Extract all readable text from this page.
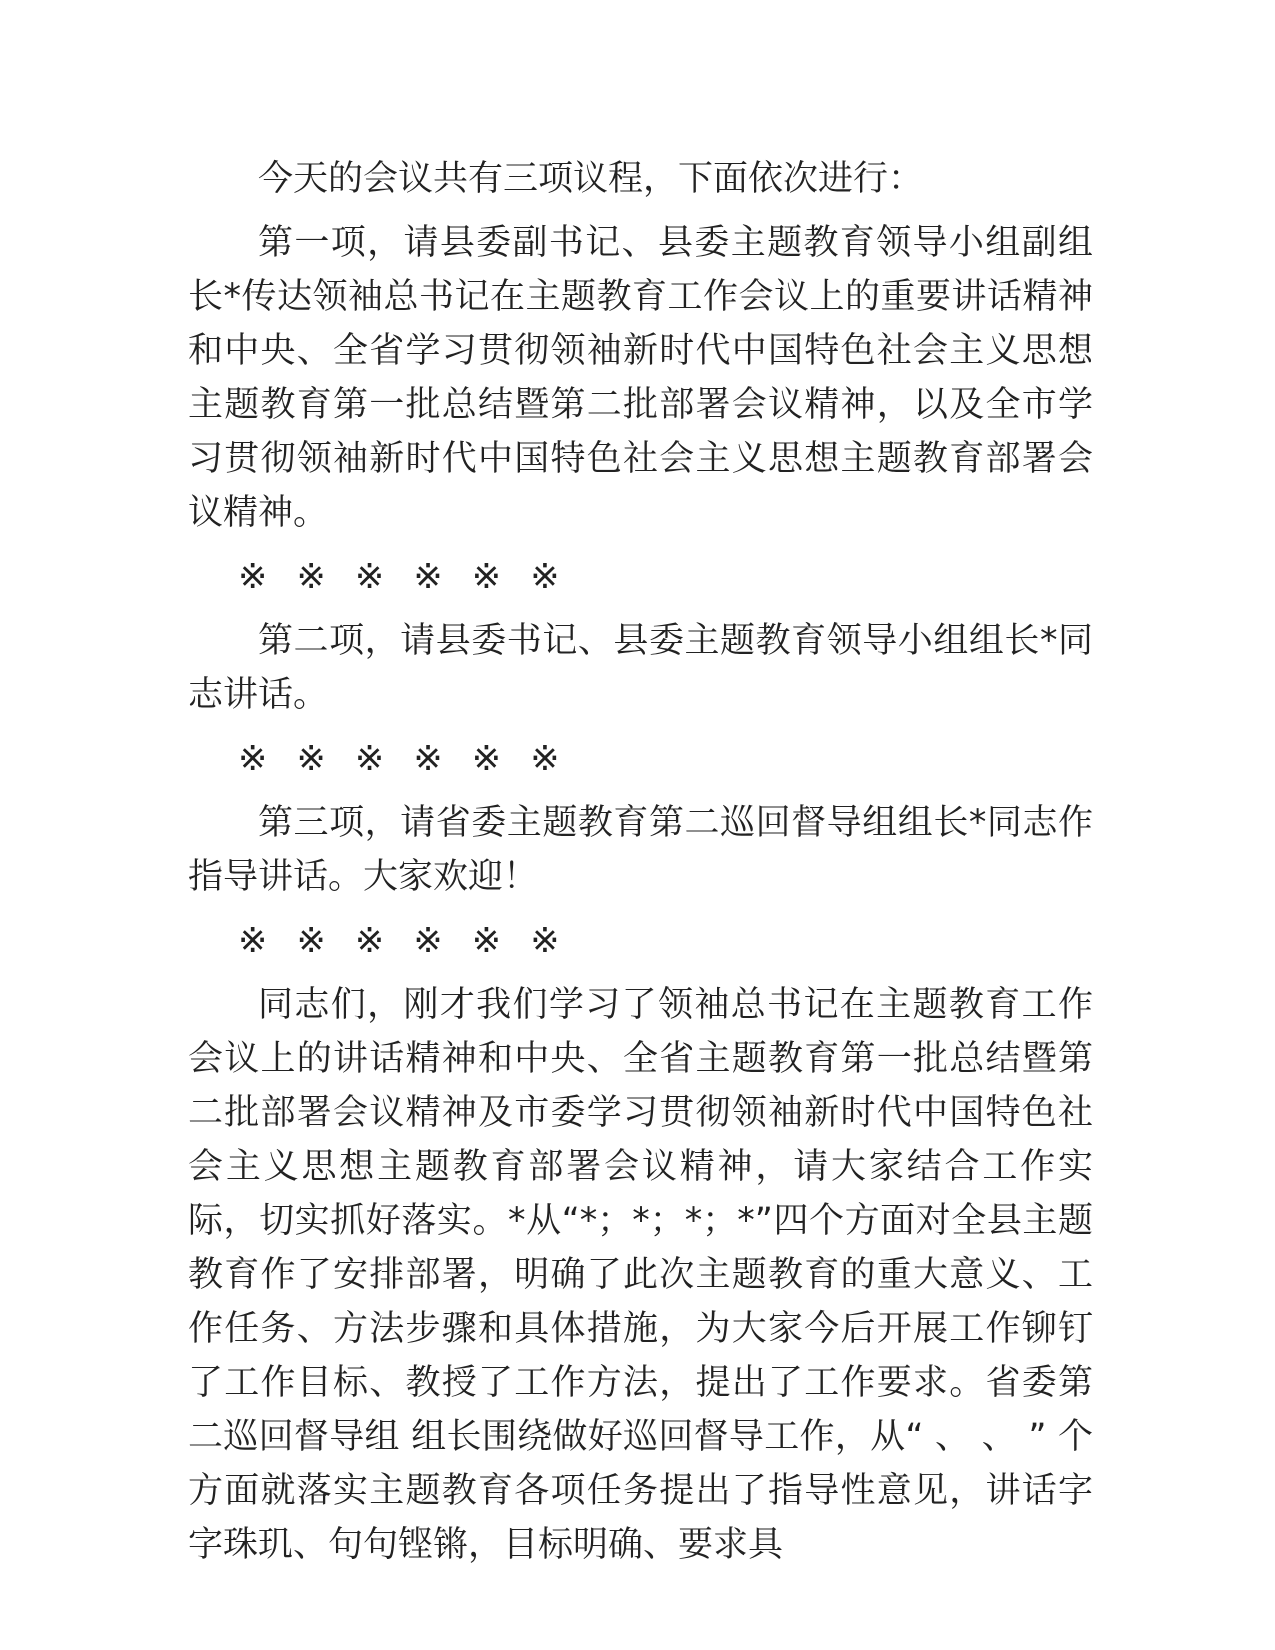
今天的会议共有三项议程，下面依次进行：

第一项，请县委副书记、县委主题教育领导小组副组长*传达领袖总书记在主题教育工作会议上的重要讲话精神和中央、全省学习贯彻领袖新时代中国特色社会主义思想主题教育第一批总结暨第二批部署会议精神，以及全市学习贯彻领袖新时代中国特色社会主义思想主题教育部署会议精神。

※ ※ ※ ※ ※ ※

第二项，请县委书记、县委主题教育领导小组组长*同志讲话。

※ ※ ※ ※ ※ ※

第三项，请省委主题教育第二巡回督导组组长*同志作指导讲话。大家欢迎！

※ ※ ※ ※ ※ ※

同志们，刚才我们学习了领袖总书记在主题教育工作会议上的讲话精神和中央、全省主题教育第一批总结暨第二批部署会议精神及市委学习贯彻领袖新时代中国特色社会主义思想主题教育部署会议精神，请大家结合工作实际，切实抓好落实。*从“*；*；*；*”四个方面对全县主题教育作了安排部署，明确了此次主题教育的重大意义、工作任务、方法步骤和具体措施，为大家今后开展工作铆钉了工作目标、教授了工作方法，提出了工作要求。省委第二巡回督导组 组长围绕做好巡回督导工作，从“ 、 、 ” 个方面就落实主题教育各项任务提出了指导性意见，讲话字字珠玑、句句铿锵，目标明确、要求具
